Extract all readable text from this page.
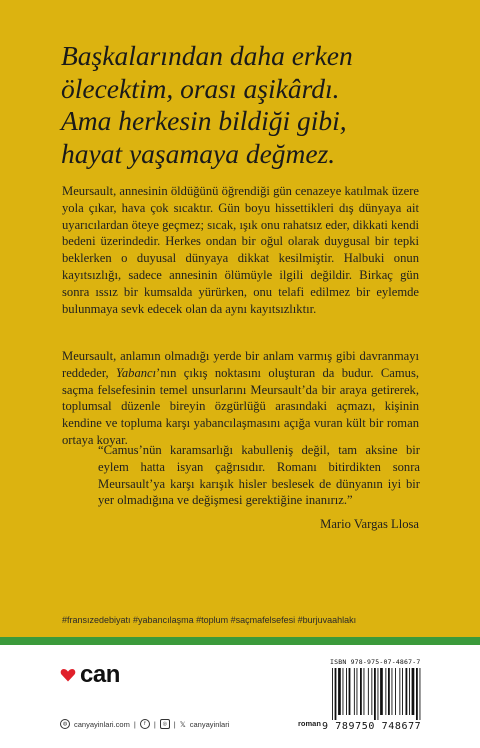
Başkalarından daha erken
ölecektim, orası aşikârdı.
Ama herkesin bildiği gibi,
hayat yaşamaya değmez.
Meursault, annesinin öldüğünü öğrendiği gün cenazeye katılmak üzere yola çıkar, hava çok sıcaktır. Gün boyu hissettikleri dış dünyaya ait uyarıcılardan öteye geçmez; sıcak, ışık onu rahatsız eder, dikkati kendi bedeni üzerindedir. Herkes ondan bir oğul olarak duygusal bir tepki beklerken o duyusal dünyaya dikkat kesilmiştir. Halbuki onun kayıtsızlığı, sadece annesinin ölümüyle ilgili değildir. Birkaç gün sonra ıssız bir kumsalda yürürken, onu telafi edilmez bir eylemde bulunmaya sevk edecek olan da aynı kayıtsızlıktır.
Meursault, anlamın olmadığı yerde bir anlam varmış gibi davranmayı reddeder, Yabancı’nın çıkış noktasını oluşturan da budur. Camus, saçma felsefesinin temel unsurlarını Meursault’da bir araya getirerek, toplumsal düzenle bireyin özgürlüğü arasındaki açmazı, kişinin kendine ve topluma karşı yabancılaşmasını açığa vuran kült bir roman ortaya koyar.
“Camus’nün karamsarlığı kabulleniş değil, tam aksine bir eylem hatta isyan çağrısıdır. Romanı bitirdikten sonra Meursault’ya karşı karışık hisler beslesek de dünyanın iyi bir yer olmadığına ve değişmesi gerektiğine inanırız.”
Mario Vargas Llosa
#fransızedebiyatı #yabancılaşma #toplum #saçmafelsefesi #burjuvaahlakı
can
◍ canyayinlari.com |	f	|	◎ | 𝕏 canyayinlari	roman
ISBN 978-975-07-4867-7
9 789750 748677
